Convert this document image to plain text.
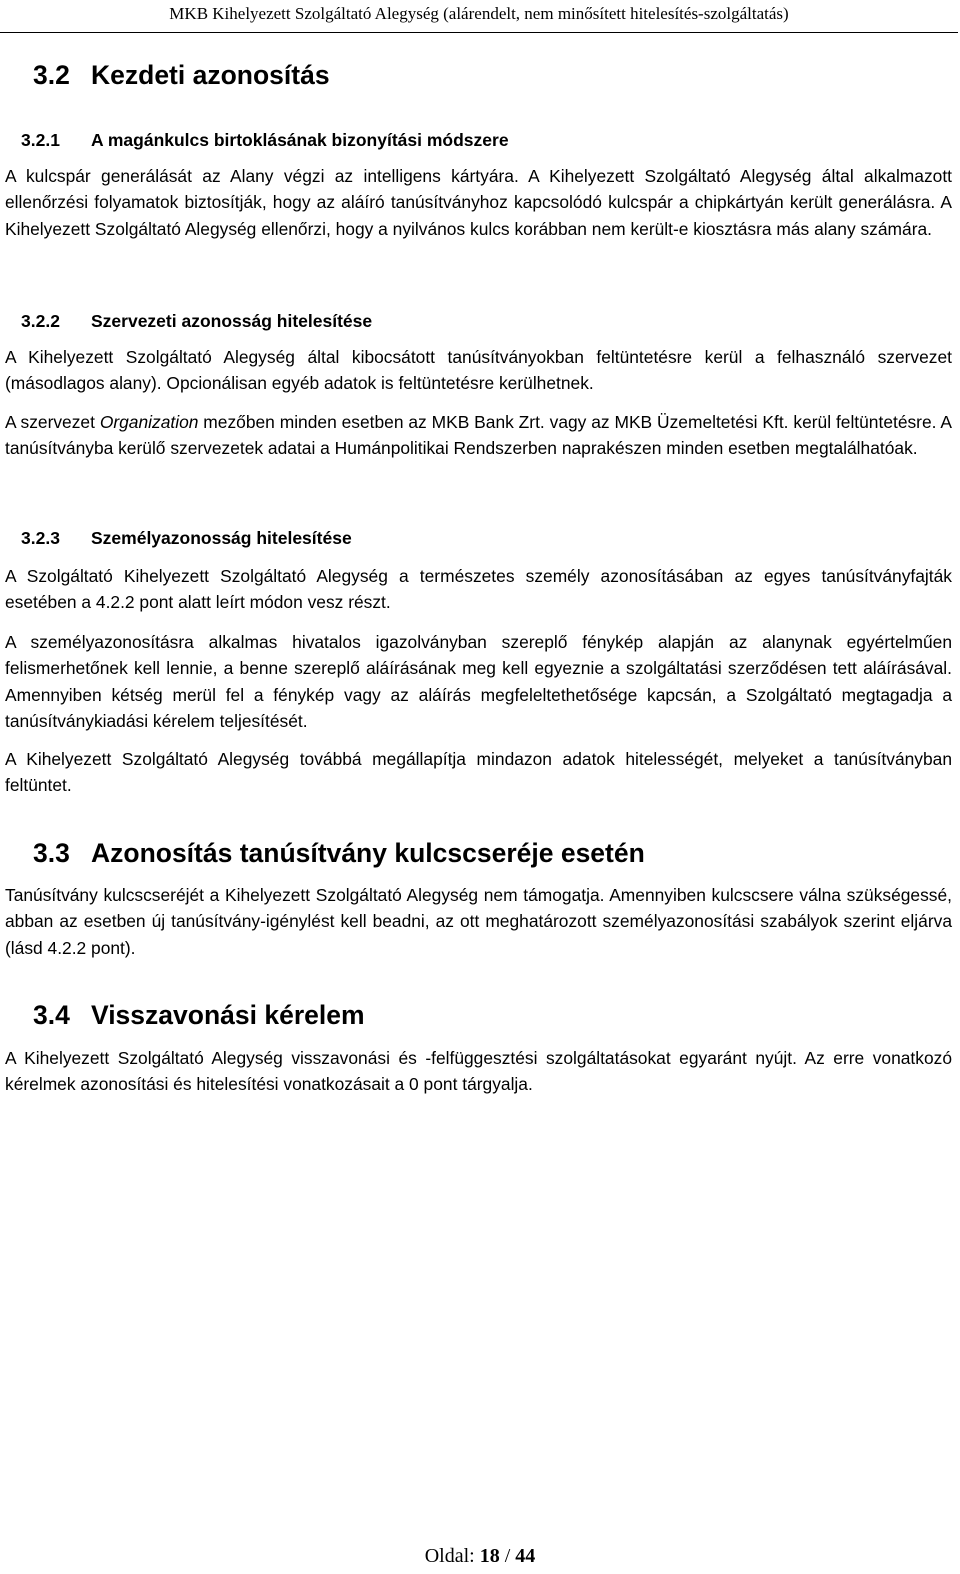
MKB Kihelyezett Szolgáltató Alegység (alárendelt, nem minősített hitelesítés-szolgáltatás)
3.2 Kezdeti azonosítás
3.2.1 A magánkulcs birtoklásának bizonyítási módszere
A kulcspár generálását az Alany végzi az intelligens kártyára. A Kihelyezett Szolgáltató Alegység által alkalmazott ellenőrzési folyamatok biztosítják, hogy az aláíró tanúsítványhoz kapcsolódó kulcspár a chipkártyán került generálásra. A Kihelyezett Szolgáltató Alegység ellenőrzi, hogy a nyilvános kulcs korábban nem került-e kiosztásra más alany számára.
3.2.2 Szervezeti azonosság hitelesítése
A Kihelyezett Szolgáltató Alegység által kibocsátott tanúsítványokban feltüntetésre kerül a felhasználó szervezet (másodlagos alany). Opcionálisan egyéb adatok is feltüntetésre kerülhetnek.
A szervezet Organization mezőben minden esetben az MKB Bank Zrt. vagy az MKB Üzemeltetési Kft. kerül feltüntetésre. A tanúsítványba kerülő szervezetek adatai a Humánpolitikai Rendszerben naprakészen minden esetben megtalálhatóak.
3.2.3 Személyazonosság hitelesítése
A Szolgáltató Kihelyezett Szolgáltató Alegység a természetes személy azonosításában az egyes tanúsítványfajták esetében a 4.2.2 pont alatt leírt módon vesz részt.
A személyazonosításra alkalmas hivatalos igazolványban szereplő fénykép alapján az alanynak egyértelműen felismerhetőnek kell lennie, a benne szereplő aláírásának meg kell egyeznie a szolgáltatási szerződésen tett aláírásával. Amennyiben kétség merül fel a fénykép vagy az aláírás megfeleltethetősége kapcsán, a Szolgáltató megtagadja a tanúsítványkiadási kérelem teljesítését.
A Kihelyezett Szolgáltató Alegység továbbá megállapítja mindazon adatok hitelességét, melyeket a tanúsítványban feltüntet.
3.3 Azonosítás tanúsítvány kulcscseréje esetén
Tanúsítvány kulcscseréjét a Kihelyezett Szolgáltató Alegység nem támogatja. Amennyiben kulcscsere válna szükségessé, abban az esetben új tanúsítvány-igénylést kell beadni, az ott meghatározott személyazonosítási szabályok szerint eljárva (lásd 4.2.2 pont).
3.4 Visszavonási kérelem
A Kihelyezett Szolgáltató Alegység visszavonási és -felfüggesztési szolgáltatásokat egyaránt nyújt. Az erre vonatkozó kérelmek azonosítási és hitelesítési vonatkozásait a 0 pont tárgyalja.
Oldal: 18 / 44
